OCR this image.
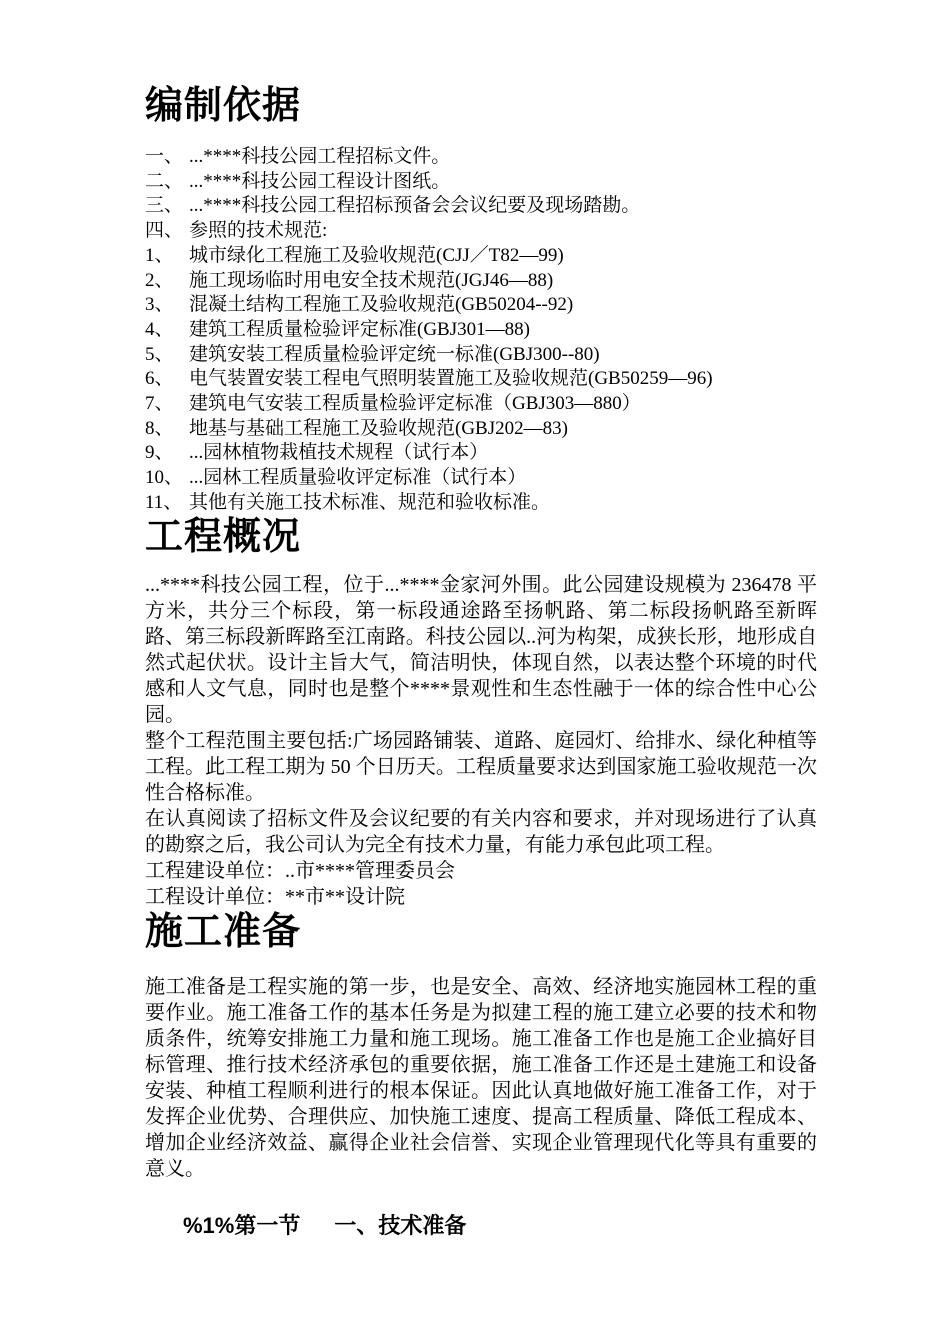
编制依据
一、 ...****科技公园工程招标文件。
二、 ...****科技公园工程设计图纸。
三、 ...****科技公园工程招标预备会会议纪要及现场踏勘。
四、 参照的技术规范:
1、 城市绿化工程施工及验收规范(CJJ／T82—99)
2、 施工现场临时用电安全技术规范(JGJ46—88)
3、 混凝土结构工程施工及验收规范(GB50204--92)
4、 建筑工程质量检验评定标准(GBJ301—88)
5、 建筑安装工程质量检验评定统一标准(GBJ300--80)
6、 电气装置安装工程电气照明装置施工及验收规范(GB50259—96)
7、 建筑电气安装工程质量检验评定标准（GBJ303—880）
8、 地基与基础工程施工及验收规范(GBJ202—83)
9、 ...园林植物栽植技术规程（试行本）
10、 ...园林工程质量验收评定标准（试行本）
11、 其他有关施工技术标准、规范和验收标准。
工程概况

...****科技公园工程，位于...****金家河外围。此公园建设规模为 236478 平方米，共分三个标段，第一标段通途路至扬帆路、第二标段扬帆路至新晖路、第三标段新晖路至江南路。科技公园以..河为构架，成狭长形，地形成自然式起伏状。设计主旨大气，简洁明快，体现自然，以表达整个环境的时代感和人文气息，同时也是整个****景观性和生态性融于一体的综合性中心公园。

整个工程范围主要包括:广场园路铺装、道路、庭园灯、给排水、绿化种植等工程。此工程工期为 50 个日历天。工程质量要求达到国家施工验收规范一次性合格标准。

在认真阅读了招标文件及会议纪要的有关内容和要求，并对现场进行了认真的勘察之后，我公司认为完全有技术力量，有能力承包此项工程。

工程建设单位：..市****管理委员会

工程设计单位：**市**设计院

施工准备

施工准备是工程实施的第一步，也是安全、高效、经济地实施园林工程的重要作业。施工准备工作的基本任务是为拟建工程的施工建立必要的技术和物质条件，统筹安排施工力量和施工现场。施工准备工作也是施工企业搞好目标管理、推行技术经济承包的重要依据，施工准备工作还是土建施工和设备安装、种植工程顺利进行的根本保证。因此认真地做好施工准备工作，对于发挥企业优势、合理供应、加快施工速度、提高工程质量、降低工程成本、增加企业经济效益、赢得企业社会信誉、实现企业管理现代化等具有重要的意义。

%1%第一节 一、技术准备
